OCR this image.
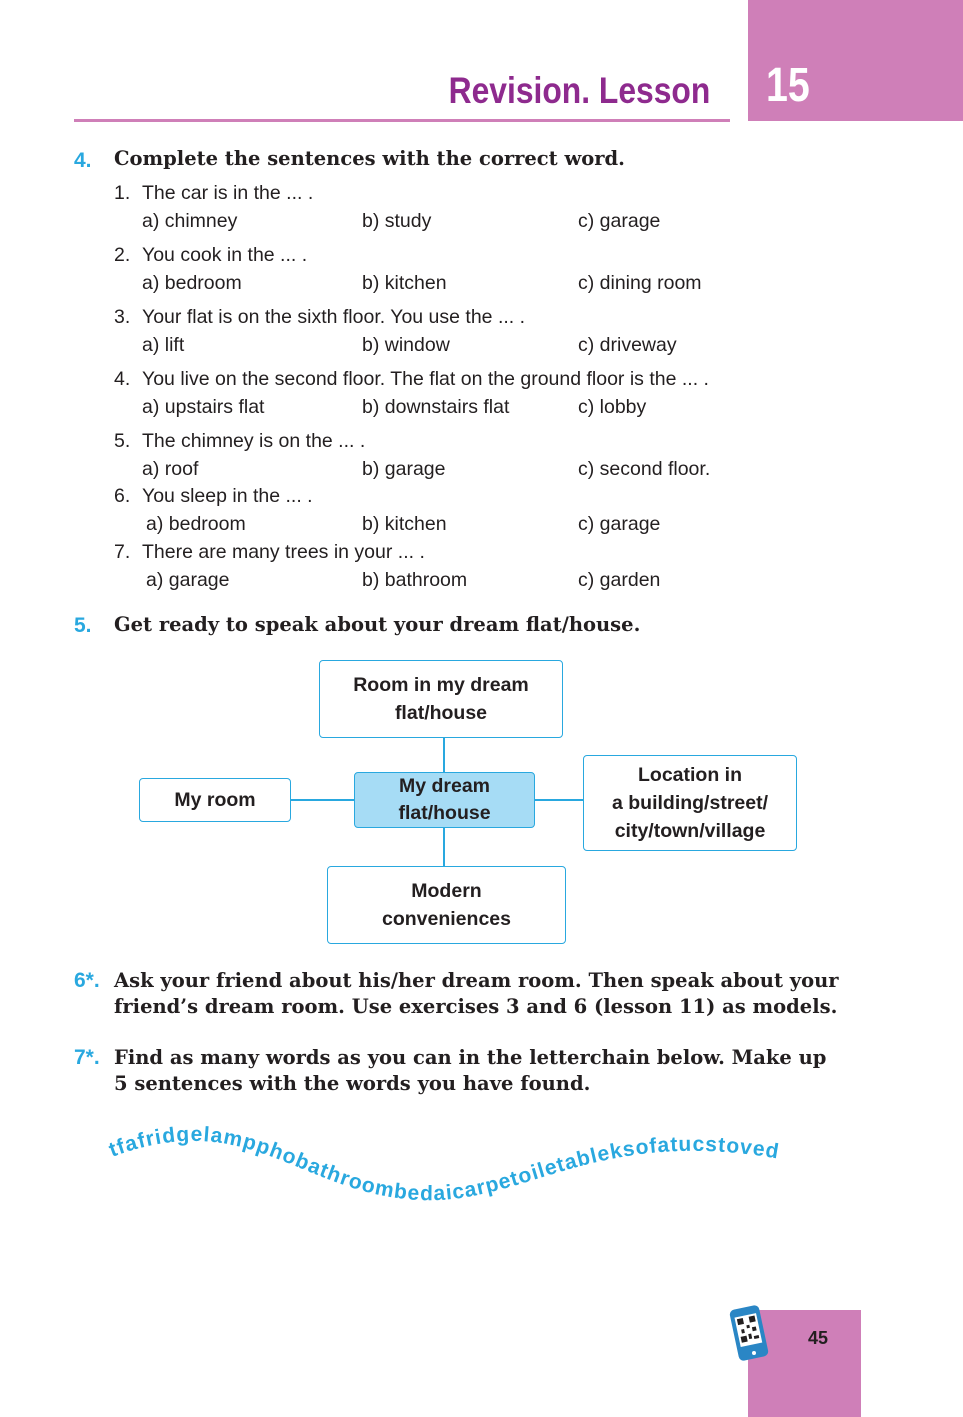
15
Revision. Lesson
4. Complete the sentences with the correct word.
1. The car is in the ... .
a) chimney	b) study	c) garage
2. You cook in the ... .
a) bedroom	b) kitchen	c) dining room
3. Your flat is on the sixth floor. You use the ... .
a) lift	b) window	c) driveway
4. You live on the second floor. The flat on the ground floor is the ... .
a) upstairs flat	b) downstairs flat	c) lobby
5. The chimney is on the ... .
a) roof	b) garage	c) second floor.
6. You sleep in the ... .
a) bedroom	b) kitchen	c) garage
7. There are many trees in your ... .
a) garage	b) bathroom	c) garden
5. Get ready to speak about your dream flat/house.
Room in my dream
flat/house
My room
My dream
flat/house
Location in
a building/street/
city/town/village
Modern
conveniences
6*. Ask your friend about his/her dream room. Then speak about your
friend’s dream room. Use exercises 3 and 6 (lesson 11) as models.
7*. Find as many words as you can in the letterchain below. Make up
5 sentences with the words you have found.
tfafridgelampphobathroombedaicarpetoiletableksofatucstoved
45
